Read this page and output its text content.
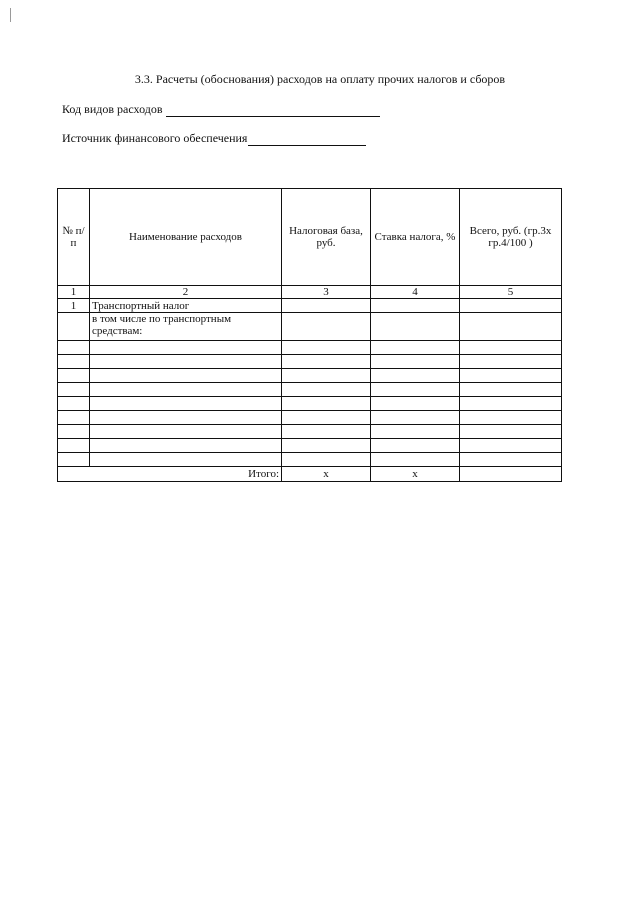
3.3. Расчеты (обоснования) расходов на оплату прочих налогов и сборов
Код видов расходов
Источник финансового обеспечения
№ п/п	Наименование расходов	Налоговая база, руб.	Ставка налога, %	Всего, руб. (гр.3х гр.4/100 )
1	2	3	4	5
1	Транспортный налог			
	в том числе по транспортным средствам:			

Итого:		x	x	
